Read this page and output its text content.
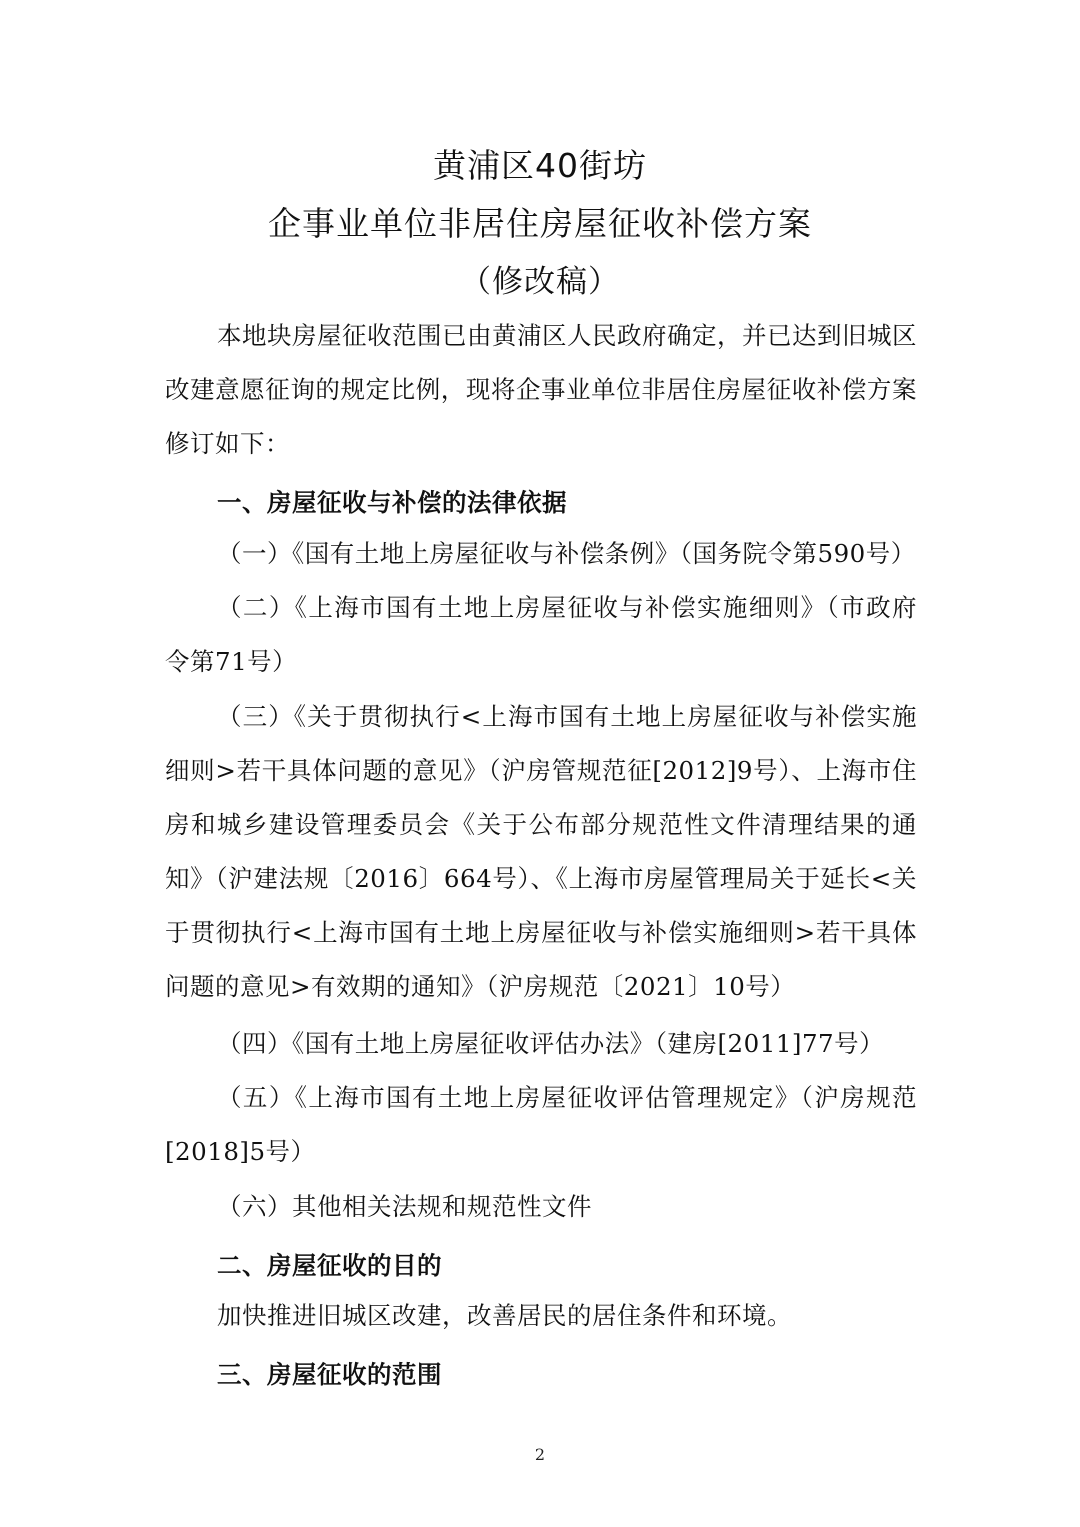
黄浦区40街坊
企事业单位非居住房屋征收补偿方案
（修改稿）
本地块房屋征收范围已由黄浦区人民政府确定，并已达到旧城区改建意愿征询的规定比例，现将企事业单位非居住房屋征收补偿方案修订如下：
一、房屋征收与补偿的法律依据
（一）《国有土地上房屋征收与补偿条例》（国务院令第590号）
（二）《上海市国有土地上房屋征收与补偿实施细则》（市政府令第71号）
（三）《关于贯彻执行<上海市国有土地上房屋征收与补偿实施细则>若干具体问题的意见》（沪房管规范征[2012]9号）、上海市住房和城乡建设管理委员会《关于公布部分规范性文件清理结果的通知》（沪建法规〔2016〕664号）、《上海市房屋管理局关于延长<关于贯彻执行<上海市国有土地上房屋征收与补偿实施细则>若干具体问题的意见>有效期的通知》（沪房规范〔2021〕10号）
（四）《国有土地上房屋征收评估办法》（建房[2011]77号）
（五）《上海市国有土地上房屋征收评估管理规定》（沪房规范[2018]5号）
（六）其他相关法规和规范性文件
二、房屋征收的目的
加快推进旧城区改建，改善居民的居住条件和环境。
三、房屋征收的范围
2
